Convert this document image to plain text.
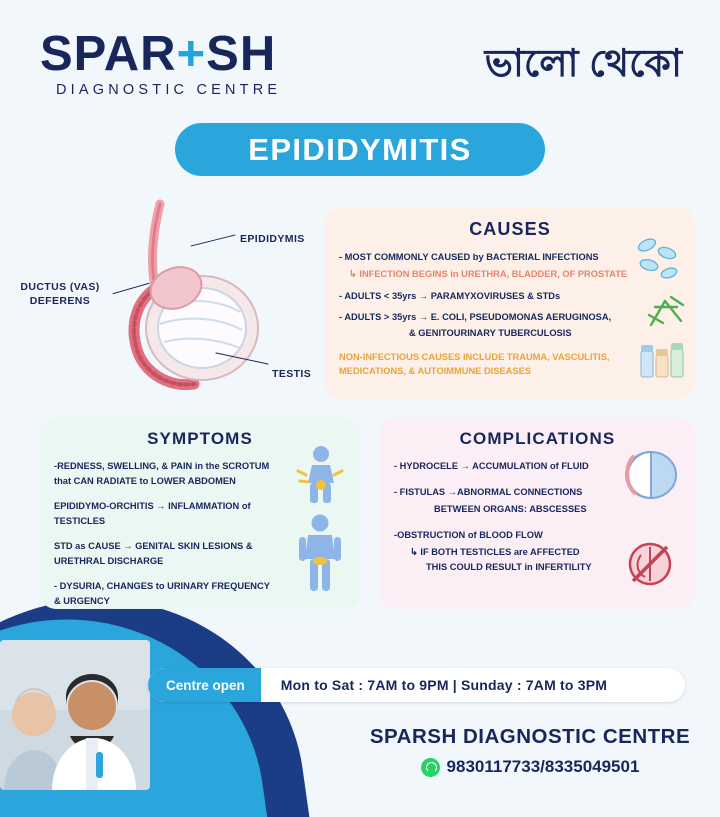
SPAR+SH
DIAGNOSTIC CENTRE
ভালো থেকো
EPIDIDYMITIS
EPIDIDYMIS
DUCTUS (VAS)
DEFERENS
TESTIS
CAUSES
- MOST COMMONLY CAUSED by BACTERIAL INFECTIONS
↳ INFECTION BEGINS in URETHRA, BLADDER, OF PROSTATE
- ADULTS < 35yrs → PARAMYXOVIRUSES & STDs
- ADULTS > 35yrs → E. COLI, PSEUDOMONAS AERUGINOSA,
& GENITOURINARY TUBERCULOSIS
NON-INFECTIOUS CAUSES INCLUDE TRAUMA, VASCULITIS,
MEDICATIONS, & AUTOIMMUNE DISEASES
SYMPTOMS

-REDNESS, SWELLING, & PAIN in the SCROTUM that CAN RADIATE to LOWER ABDOMEN

EPIDIDYMO-ORCHITIS → INFLAMMATION of TESTICLES

STD as CAUSE → GENITAL SKIN LESIONS & URETHRAL DISCHARGE

- DYSURIA, CHANGES to URINARY FREQUENCY & URGENCY

COMPLICATIONS

- HYDROCELE → ACCUMULATION of FLUID

- FISTULAS →ABNORMAL CONNECTIONS

BETWEEN ORGANS: ABSCESSES

-OBSTRUCTION of BLOOD FLOW

↳ IF BOTH TESTICLES are AFFECTED

THIS COULD RESULT in INFERTILITY

Centre open	Mon to Sat : 7AM to 9PM | Sunday : 7AM to 3PM
SPARSH DIAGNOSTIC CENTRE
9830117733/8335049501
